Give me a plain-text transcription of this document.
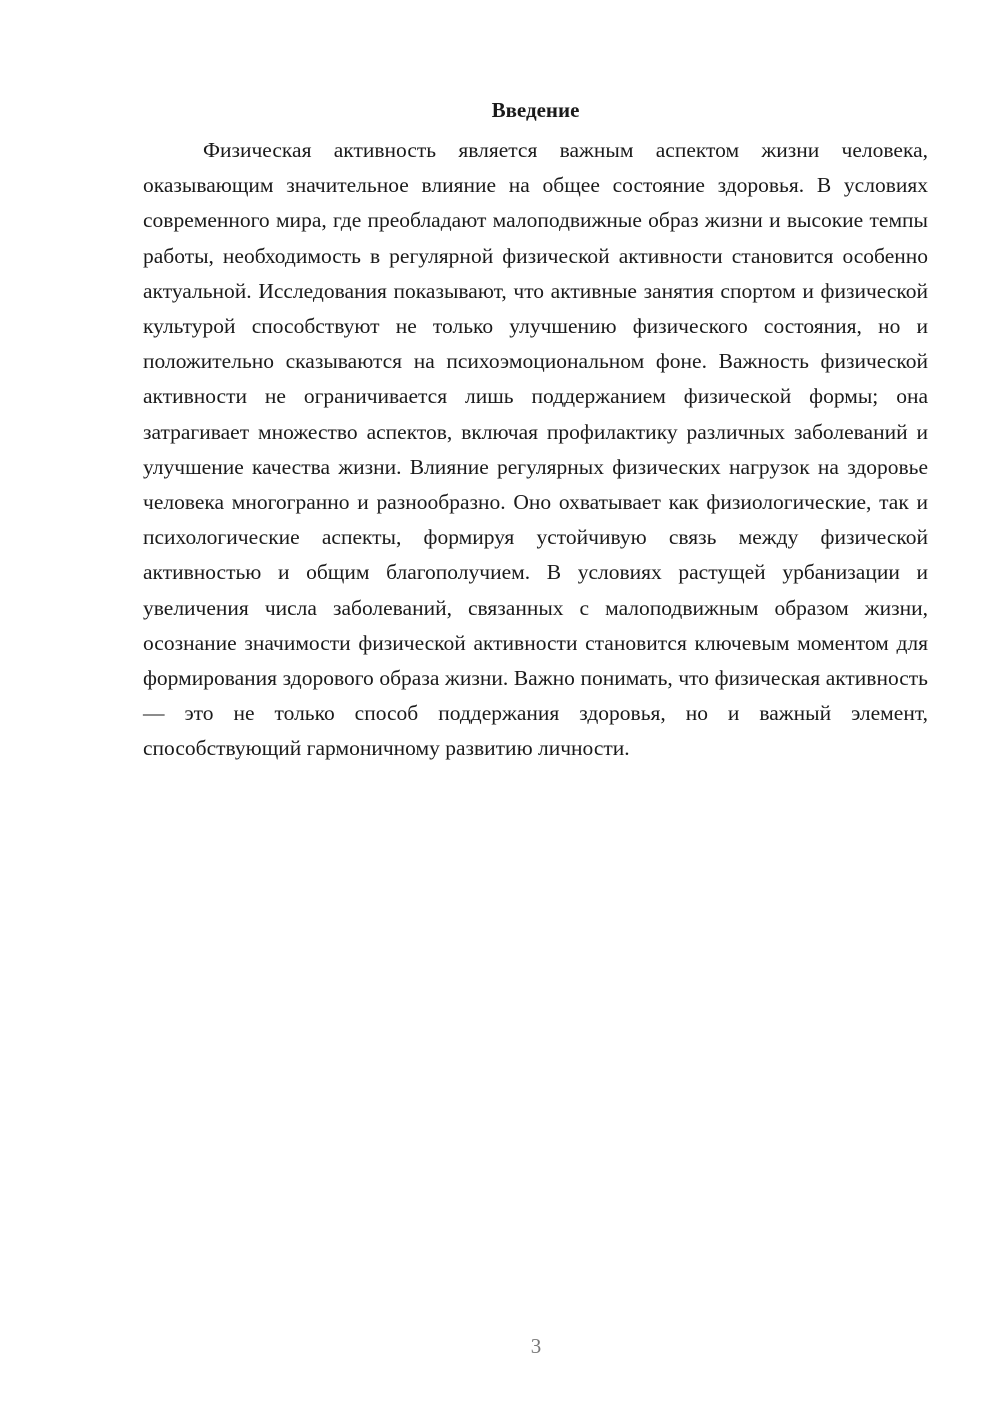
Введение

Физическая активность является важным аспектом жизни человека, оказывающим значительное влияние на общее состояние здоровья. В условиях современного мира, где преобладают малоподвижные образ жизни и высокие темпы работы, необходимость в регулярной физической активности становится особенно актуальной. Исследования показывают, что активные занятия спортом и физической культурой способствуют не только улучшению физического состояния, но и положительно сказываются на психоэмоциональном фоне. Важность физической активности не ограничивается лишь поддержанием физической формы; она затрагивает множество аспектов, включая профилактику различных заболеваний и улучшение качества жизни. Влияние регулярных физических нагрузок на здоровье человека многогранно и разнообразно. Оно охватывает как физиологические, так и психологические аспекты, формируя устойчивую связь между физической активностью и общим благополучием. В условиях растущей урбанизации и увеличения числа заболеваний, связанных с малоподвижным образом жизни, осознание значимости физической активности становится ключевым моментом для формирования здорового образа жизни. Важно понимать, что физическая активность — это не только способ поддержания здоровья, но и важный элемент, способствующий гармоничному развитию личности.

3
